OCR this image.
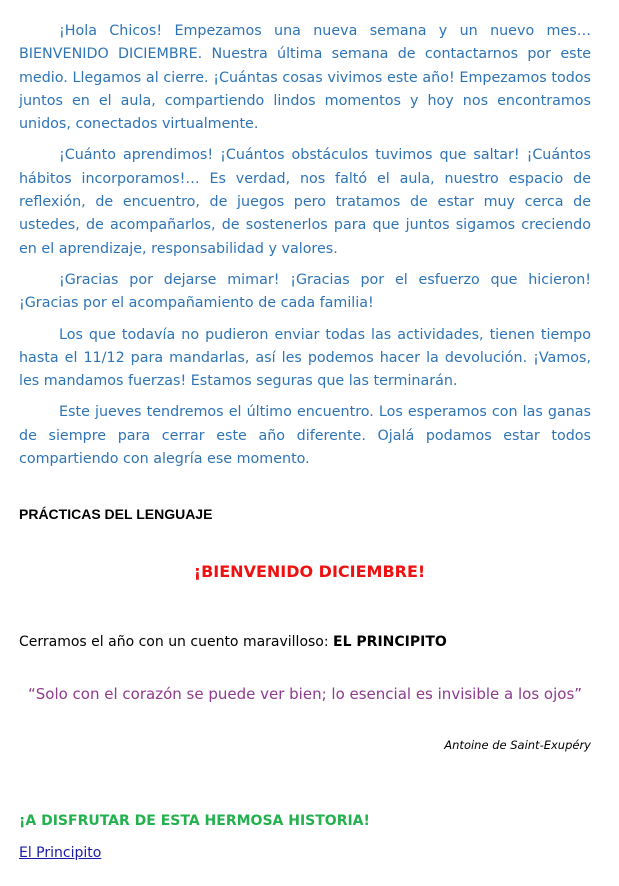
¡Hola Chicos! Empezamos una nueva semana y un nuevo mes… BIENVENIDO DICIEMBRE. Nuestra última semana de contactarnos por este medio. Llegamos al cierre. ¡Cuántas cosas vivimos este año! Empezamos todos juntos en el aula, compartiendo lindos momentos y hoy nos encontramos unidos, conectados virtualmente.

¡Cuánto aprendimos! ¡Cuántos obstáculos tuvimos que saltar! ¡Cuántos hábitos incorporamos!… Es verdad, nos faltó el aula, nuestro espacio de reflexión, de encuentro, de juegos pero tratamos de estar muy cerca de ustedes, de acompañarlos, de sostenerlos para que juntos sigamos creciendo en el aprendizaje, responsabilidad y valores.

¡Gracias por dejarse mimar! ¡Gracias por el esfuerzo que hicieron! ¡Gracias por el acompañamiento de cada familia!

Los que todavía no pudieron enviar todas las actividades, tienen tiempo hasta el 11/12 para mandarlas, así les podemos hacer la devolución. ¡Vamos, les mandamos fuerzas! Estamos seguras que las terminarán.

Este jueves tendremos el último encuentro. Los esperamos con las ganas de siempre para cerrar este año diferente. Ojalá podamos estar todos compartiendo con alegría ese momento.

PRÁCTICAS DEL LENGUAJE

¡BIENVENIDO DICIEMBRE!

Cerramos el año con un cuento maravilloso: EL PRINCIPITO

“Solo con el corazón se puede ver bien; lo esencial es invisible a los ojos”

Antoine de Saint-Exupéry

¡A DISFRUTAR DE ESTA HERMOSA HISTORIA!

El Principito
